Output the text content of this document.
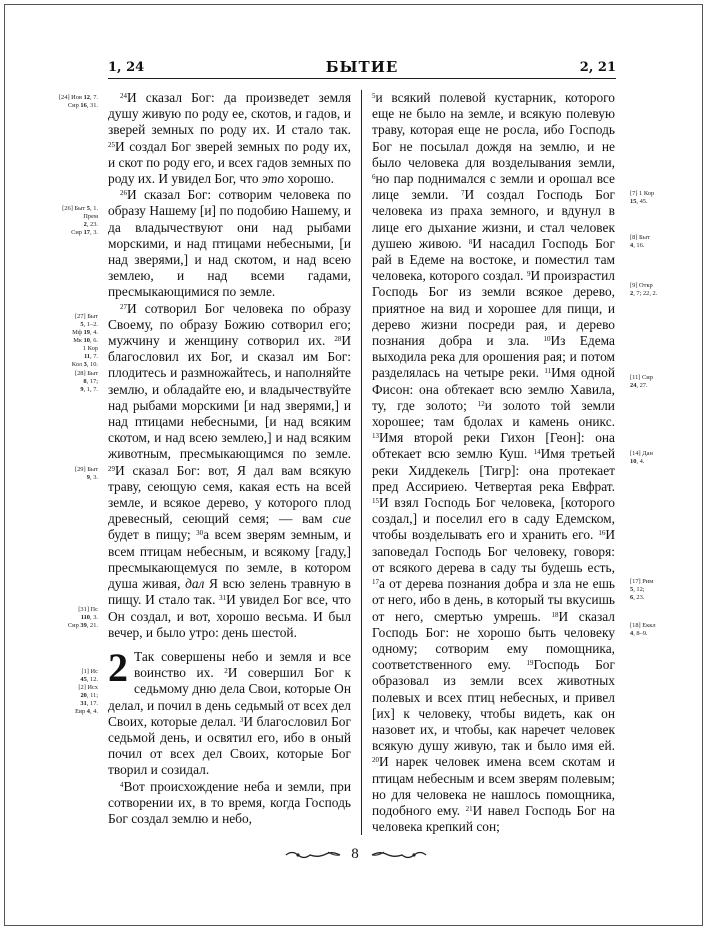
1, 24	БЫТИЕ	2, 21

$^{24}$И сказал Бог: да произведет земля душу живую по роду ее, скотов, и гадов, и зверей земных по роду их. И стало так. $^{25}$И создал Бог зверей земных по роду их, и скот по роду его, и всех гадов земных по роду их. И увидел Бог, что это хорошо.

$^{26}$И сказал Бог: сотворим человека по образу Нашему [и] по подобию Нашему, и да владычествуют они над рыбами морскими, и над птицами небесными, [и над зверями,] и над скотом, и над всею землею, и над всеми гадами, пресмыкающимися по земле.

$^{27}$И сотворил Бог человека по образу Своему, по образу Божию сотворил его; мужчину и женщину сотворил их. $^{28}$И благословил их Бог, и сказал им Бог: плодитесь и размножайтесь, и наполняйте землю, и обладайте ею, и владычествуйте над рыбами морскими [и над зверями,] и над птицами небесными, [и над всяким скотом, и над всею землею,] и над всяким животным, пресмыкающимся по земле. $^{29}$И сказал Бог: вот, Я дал вам всякую траву, сеющую семя, какая есть на всей земле, и всякое дерево, у которого плод древесный, сеющий семя; — вам сие будет в пищу; $^{30}$а всем зверям земным, и всем птицам небесным, и всякому [гаду,] пресмыкающемуся по земле, в котором душа живая, дал Я всю зелень травную в пищу. И стало так. $^{31}$И увидел Бог все, что Он создал, и вот, хорошо весьма. И был вечер, и было утро: день шестой.

2 Так совершены небо и земля и все воинство их. $^2$И совершил Бог к седьмому дню дела Свои, которые Он делал, и почил в день седьмый от всех дел Своих, которые делал. $^3$И благословил Бог седьмой день, и освятил его, ибо в оный почил от всех дел Своих, которые Бог творил и созидал.

$^4$Вот происхождение неба и земли, при сотворении их, в то время, когда Господь Бог создал землю и небо,

$^5$и всякий полевой кустарник, которого еще не было на земле, и всякую полевую траву, которая еще не росла, ибо Господь Бог не посылал дождя на землю, и не было человека для возделывания земли, $^6$но пар поднимался с земли и орошал все лице земли. $^7$И создал Господь Бог человека из праха земного, и вдунул в лице его дыхание жизни, и стал человек душею живою. $^8$И насадил Господь Бог рай в Едеме на востоке, и поместил там человека, которого создал. $^9$И произрастил Господь Бог из земли всякое дерево, приятное на вид и хорошее для пищи, и дерево жизни посреди рая, и дерево познания добра и зла. $^{10}$Из Едема выходила река для орошения рая; и потом разделялась на четыре реки. $^{11}$Имя одной Фисон: она обтекает всю землю Хавила, ту, где золото; $^{12}$и золото той земли хорошее; там бдолах и камень оникс. $^{13}$Имя второй реки Гихон [Геон]: она обтекает всю землю Куш. $^{14}$Имя третьей реки Хиддекель [Тигр]: она протекает пред Ассириею. Четвертая река Евфрат. $^{15}$И взял Господь Бог человека, [которого создал,] и поселил его в саду Едемском, чтобы возделывать его и хранить его. $^{16}$И заповедал Господь Бог человеку, говоря: от всякого дерева в саду ты будешь есть, $^{17}$а от дерева познания добра и зла не ешь от него, ибо в день, в который ты вкусишь от него, смертью умрешь. $^{18}$И сказал Господь Бог: не хорошо быть человеку одному; сотворим ему помощника, соответственного ему. $^{19}$Господь Бог образовал из земли всех животных полевых и всех птиц небесных, и привел [их] к человеку, чтобы видеть, как он назовет их, и чтобы, как наречет человек всякую душу живую, так и было имя ей. $^{20}$И нарек человек имена всем скотам и птицам небесным и всем зверям полевым; но для человека не нашлось помощника, подобного ему. $^{21}$И навел Господь Бог на человека крепкий сон;

[24] Иов 12, 7.
Сир 16, 31.
[26] Быт 5, 1.
Прем
2, 23.
Сир 17, 3.
[27] Быт
5, 1–2.
Мф 19, 4.
Мк 10, 6.
1 Кор
11, 7.
Кол 3, 10.
[28] Быт
8, 17;
9, 1, 7.
[29] Быт
9, 3.
[31] Пс
110, 3.
Сир 39, 21.
[1] Ис
45, 12.
[2] Исх
20, 11;
31, 17.
Евр 4, 4.
[7] 1 Кор
15, 45.
[8] Быт
4, 16.
[9] Откр
2, 7; 22, 2.
[11] Сир
24, 27.
[14] Дан
10, 4.
[17] Рим
5, 12;
6, 23.
[18] Еккл
4, 8–9.
8
